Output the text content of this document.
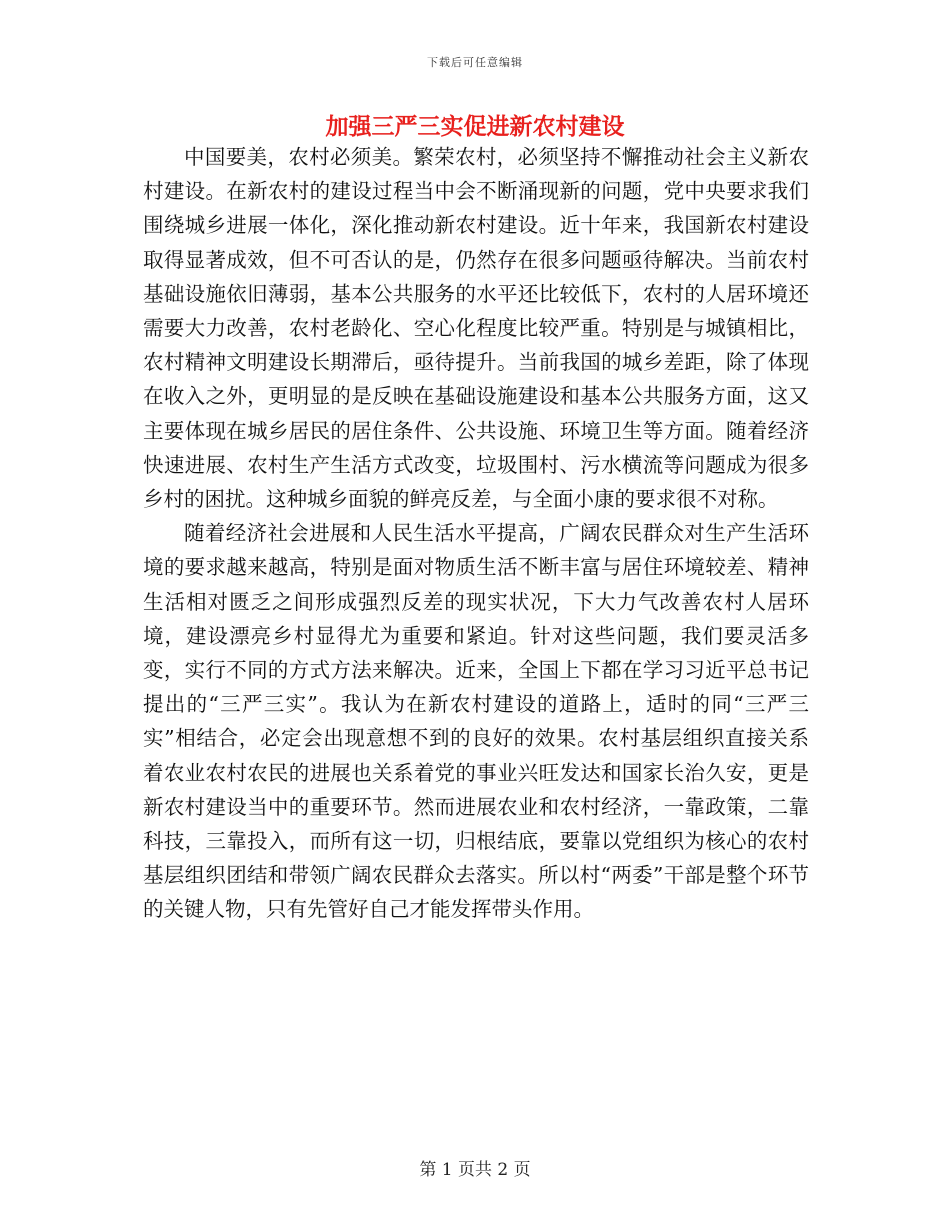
下载后可任意编辑
加强三严三实促进新农村建设

中国要美，农村必须美。繁荣农村，必须坚持不懈推动社会主义新农村建设。在新农村的建设过程当中会不断涌现新的问题，党中央要求我们围绕城乡进展一体化，深化推动新农村建设。近十年来，我国新农村建设取得显著成效，但不可否认的是，仍然存在很多问题亟待解决。当前农村基础设施依旧薄弱，基本公共服务的水平还比较低下，农村的人居环境还需要大力改善，农村老龄化、空心化程度比较严重。特别是与城镇相比，农村精神文明建设长期滞后，亟待提升。当前我国的城乡差距，除了体现在收入之外，更明显的是反映在基础设施建设和基本公共服务方面，这又主要体现在城乡居民的居住条件、公共设施、环境卫生等方面。随着经济快速进展、农村生产生活方式改变，垃圾围村、污水横流等问题成为很多乡村的困扰。这种城乡面貌的鲜亮反差，与全面小康的要求很不对称。

随着经济社会进展和人民生活水平提高，广阔农民群众对生产生活环境的要求越来越高，特别是面对物质生活不断丰富与居住环境较差、精神生活相对匮乏之间形成强烈反差的现实状况，下大力气改善农村人居环境，建设漂亮乡村显得尤为重要和紧迫。针对这些问题，我们要灵活多变，实行不同的方式方法来解决。近来，全国上下都在学习习近平总书记提出的“三严三实”。我认为在新农村建设的道路上，适时的同“三严三实”相结合，必定会出现意想不到的良好的效果。农村基层组织直接关系着农业农村农民的进展也关系着党的事业兴旺发达和国家长治久安，更是新农村建设当中的重要环节。然而进展农业和农村经济，一靠政策，二靠科技，三靠投入，而所有这一切，归根结底，要靠以党组织为核心的农村基层组织团结和带领广阔农民群众去落实。所以村“两委”干部是整个环节的关键人物，只有先管好自己才能发挥带头作用。

第 1 页共 2 页
